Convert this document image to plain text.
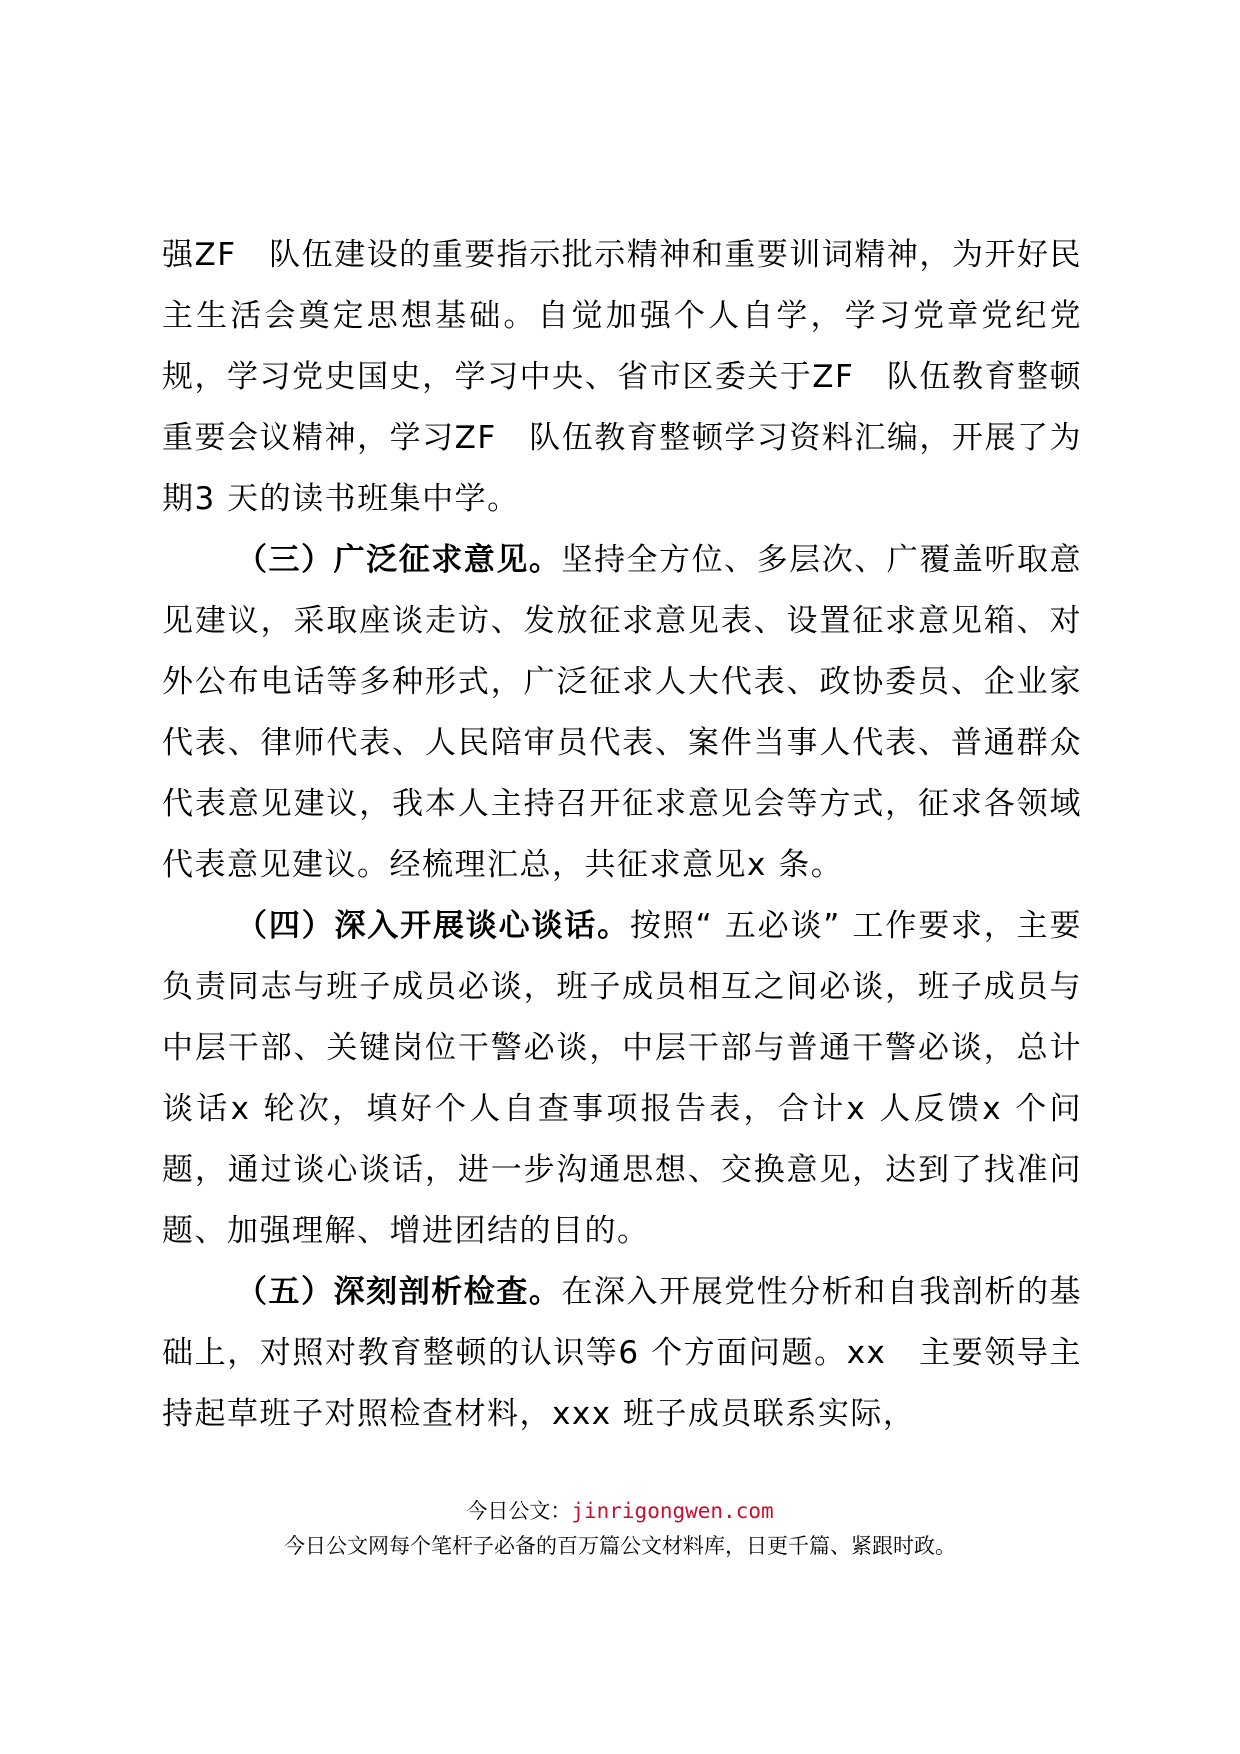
强ZF　队伍建设的重要指示批示精神和重要训词精神，为开好民主生活会奠定思想基础。自觉加强个人自学，学习党章党纪党规，学习党史国史，学习中央、省市区委关于ZF　队伍教育整顿重要会议精神，学习ZF　队伍教育整顿学习资料汇编，开展了为期3 天的读书班集中学。

（三）广泛征求意见。坚持全方位、多层次、广覆盖听取意见建议，采取座谈走访、发放征求意见表、设置征求意见箱、对外公布电话等多种形式，广泛征求人大代表、政协委员、企业家代表、律师代表、人民陪审员代表、案件当事人代表、普通群众代表意见建议，我本人主持召开征求意见会等方式，征求各领域代表意见建议。经梳理汇总，共征求意见x 条。

（四）深入开展谈心谈话。按照“ 五必谈” 工作要求，主要负责同志与班子成员必谈，班子成员相互之间必谈，班子成员与中层干部、关键岗位干警必谈，中层干部与普通干警必谈，总计谈话x 轮次，填好个人自查事项报告表，合计x 人反馈x 个问题，通过谈心谈话，进一步沟通思想、交换意见，达到了找准问题、加强理解、增进团结的目的。

（五）深刻剖析检查。在深入开展党性分析和自我剖析的基础上，对照对教育整顿的认识等6 个方面问题。xx　主要领导主持起草班子对照检查材料，xxx 班子成员联系实际，

今日公文：jinrigongwen.com
今日公文网每个笔杆子必备的百万篇公文材料库，日更千篇、紧跟时政。
